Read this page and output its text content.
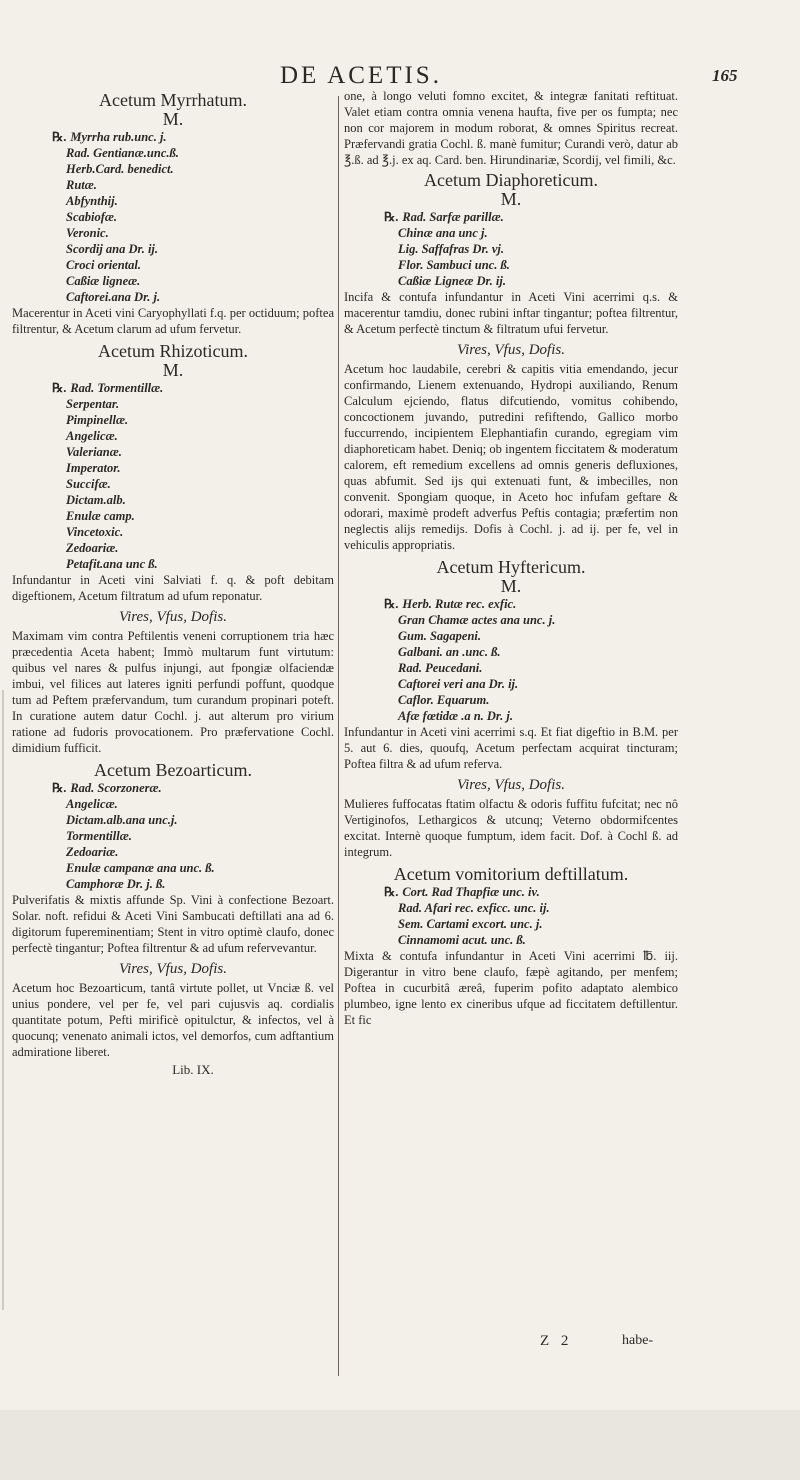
DE ACETIS.	165
Acetum Myrrhatum.
M.
℞. Myrrha rub.unc. j.
Rad. Gentianæ.unc.ß.
Herb.Card. benedict.
Rutæ.
Abfynthij.
Scabiofæ.
Veronic.
Scordij ana Dr. ij.
Croci oriental.
Caßiæ ligneæ.
Caftorei.ana Dr. j.

Macerentur in Aceti vini Caryophyllati f.q. per octiduum; poftea filtrentur, & Acetum clarum ad ufum fervetur.

Acetum Rhizoticum.
M.
℞. Rad. Tormentillæ.
Serpentar.
Pimpinellæ.
Angelicæ.
Valerianæ.
Imperator.
Succifæ.
Dictam.alb.
Enulæ camp.
Vincetoxic.
Zedoariæ.
Petafit.ana unc ß.

Infundantur in Aceti vini Salviati f. q. & poft debitam digeftionem, Acetum filtratum ad ufum reponatur.

Vires, Vfus, Dofis.

Maximam vim contra Peftilentis veneni corruptionem tria hæc præcedentia Aceta habent; Immò multarum funt virtutum: quibus vel nares & pulfus injungi, aut fpongiæ olfaciendæ imbui, vel filices aut lateres igniti perfundi poffunt, quodque tum ad Peftem præfervandum, tum curandum propinari poteft. In curatione autem datur Cochl. j. aut alterum pro virium ratione ad fudoris provocationem. Pro præfervatione Cochl. dimidium fufficit.

Acetum Bezoarticum.
℞. Rad. Scorzoneræ.
Angelicæ.
Dictam.alb.ana unc.j.
Tormentillæ.
Zedoariæ.
Enulæ campanæ ana unc. ß.
Camphoræ Dr. j. ß.

Pulverifatis & mixtis affunde Sp. Vini à confectione Bezoart. Solar. noft. refidui & Aceti Vini Sambucati deftillati ana ad 6. digitorum fupereminentiam; Stent in vitro optimè claufo, donec perfectè tingantur; Poftea filtrentur & ad ufum refervevantur.

Vires, Vfus, Dofis.

Acetum hoc Bezoarticum, tantâ virtute pollet, ut Vnciæ ß. vel unius pondere, vel per fe, vel pari cujusvis aq. cordialis quantitate potum, Pefti mirificè opitulctur, & infectos, vel à quocunq; venenato animali ictos, vel demorfos, cum adftantium admiratione liberet.

Lib. IX.

one, à longo veluti fomno excitet, & integræ fanitati reftituat. Valet etiam contra omnia venena haufta, five per os fumpta; nec non cor majorem in modum roborat, & omnes Spiritus recreat. Præfervandi gratia Cochl. ß. manè fumitur; Curandi verò, datur ab ℥.ß. ad ℥.j. ex aq. Card. ben. Hirundinariæ, Scordij, vel fimili, &c.

Acetum Diaphoreticum.
M.
℞. Rad. Sarfæ parillæ.
Chinæ ana unc j.
Lig. Saffafras Dr. vj.
Flor. Sambuci unc. ß.
Caßiæ Ligneæ Dr. ij.

Incifa & contufa infundantur in Aceti Vini acerrimi q.s. & macerentur tamdiu, donec rubini inftar tingantur; poftea filtrentur, & Acetum perfectè tinctum & filtratum ufui fervetur.

Vires, Vfus, Dofis.

Acetum hoc laudabile, cerebri & capitis vitia emendando, jecur confirmando, Lienem extenuando, Hydropi auxiliando, Renum Calculum ejciendo, flatus difcutiendo, vomitus cohibendo, concoctionem juvando, putredini refiftendo, Gallico morbo fuccurrendo, incipientem Elephantiafin curando, egregiam vim diaphoreticam habet. Deniq; ob ingentem ficcitatem & moderatum calorem, eft remedium excellens ad omnis generis defluxiones, quas abfumit. Sed ijs qui extenuati funt, & imbecilles, non convenit. Spongiam quoque, in Aceto hoc infufam geftare & odorari, maximè prodeft adverfus Peftis contagia; præfertim non neglectis alijs remedijs. Dofis à Cochl. j. ad ij. per fe, vel in vehiculis appropriatis.

Acetum Hyftericum.
M.
℞. Herb. Rutæ rec. exfic.
Gran Chamæ actes ana unc. j.
Gum. Sagapeni.
Galbani. an .unc. ß.
Rad. Peucedani.
Caftorei veri ana Dr. ij.
Caflor. Equarum.
Afæ fœtidæ .a n. Dr. j.

Infundantur in Aceti vini acerrimi s.q. Et fiat digeftio in B.M. per 5. aut 6. dies, quoufq, Acetum perfectam acquirat tincturam; Poftea filtra & ad ufum referva.

Vires, Vfus, Dofis.

Mulieres fuffocatas ftatim olfactu & odoris fuffitu fufcitat; nec nô Vertiginofos, Lethargicos & utcunq; Veterno obdormifcentes excitat. Internè quoque fumptum, idem facit. Dof. à Cochl ß. ad integrum.

Acetum vomitorium deftillatum.
℞. Cort. Rad Thapfiæ unc. iv.
Rad. Afari rec. exficc. unc. ij.
Sem. Cartami excort. unc. j.
Cinnamomi acut. unc. ß.

Mixta & contufa infundantur in Aceti Vini acerrimi ℔. iij. Digerantur in vitro bene claufo, fæpè agitando, per menfem; Poftea in cucurbitâ æreâ, fuperim pofito adaptato alembico plumbeo, igne lento ex cineribus ufque ad ficcitatem deftillentur. Et fic

Z 2	habe-
